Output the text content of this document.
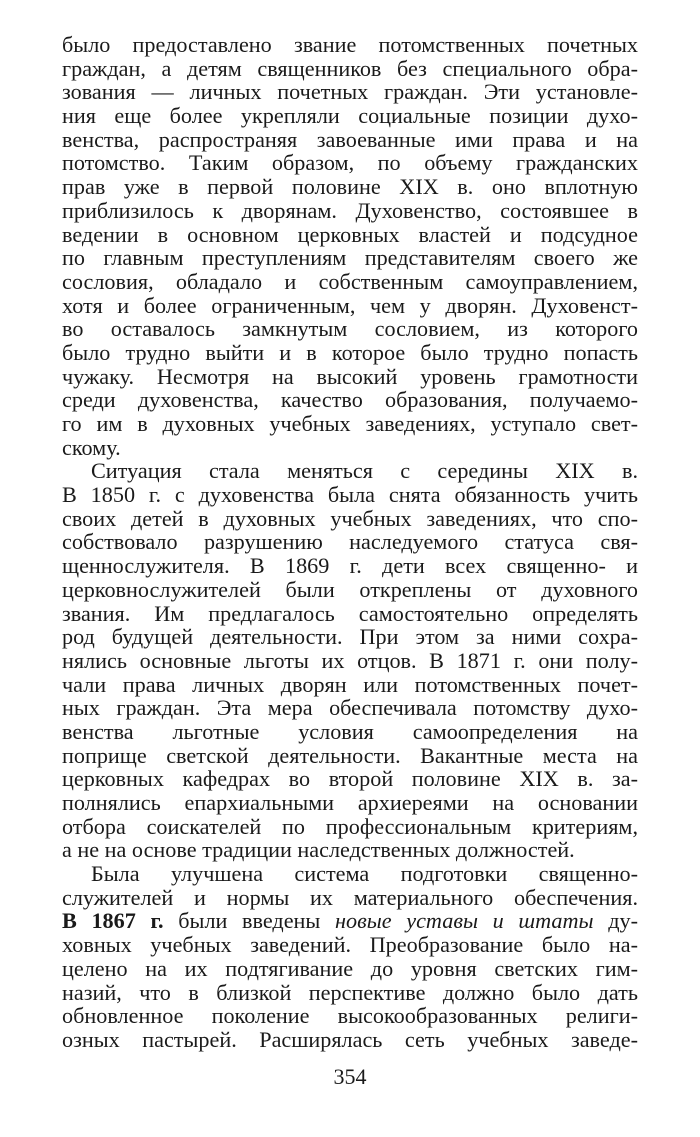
было предоставлено звание потомственных почетных
граждан, а детям священников без специального обра-
зования — личных почетных граждан. Эти установле-
ния еще более укрепляли социальные позиции духо-
венства, распространяя завоеванные ими права и на
потомство. Таким образом, по объему гражданских
прав уже в первой половине XIX в. оно вплотную
приблизилось к дворянам. Духовенство, состоявшее в
ведении в основном церковных властей и подсудное
по главным преступлениям представителям своего же
сословия, обладало и собственным самоуправлением,
хотя и более ограниченным, чем у дворян. Духовенст-
во оставалось замкнутым сословием, из которого
было трудно выйти и в которое было трудно попасть
чужаку. Несмотря на высокий уровень грамотности
среди духовенства, качество образования, получаемо-
го им в духовных учебных заведениях, уступало свет-
скому.
Ситуация стала меняться с середины XIX в.
В 1850 г. с духовенства была снята обязанность учить
своих детей в духовных учебных заведениях, что спо-
собствовало разрушению наследуемого статуса свя-
щеннослужителя. В 1869 г. дети всех священно- и
церковнослужителей были откреплены от духовного
звания. Им предлагалось самостоятельно определять
род будущей деятельности. При этом за ними сохра-
нялись основные льготы их отцов. В 1871 г. они полу-
чали права личных дворян или потомственных почет-
ных граждан. Эта мера обеспечивала потомству духо-
венства льготные условия самоопределения на
поприще светской деятельности. Вакантные места на
церковных кафедрах во второй половине XIX в. за-
полнялись епархиальными архиереями на основании
отбора соискателей по профессиональным критериям,
а не на основе традиции наследственных должностей.
Была улучшена система подготовки священно-
служителей и нормы их материального обеспечения.
В 1867 г. были введены новые уставы и штаты ду-
ховных учебных заведений. Преобразование было на-
целено на их подтягивание до уровня светских гим-
назий, что в близкой перспективе должно было дать
обновленное поколение высокообразованных религи-
озных пастырей. Расширялась сеть учебных заведе-
354
